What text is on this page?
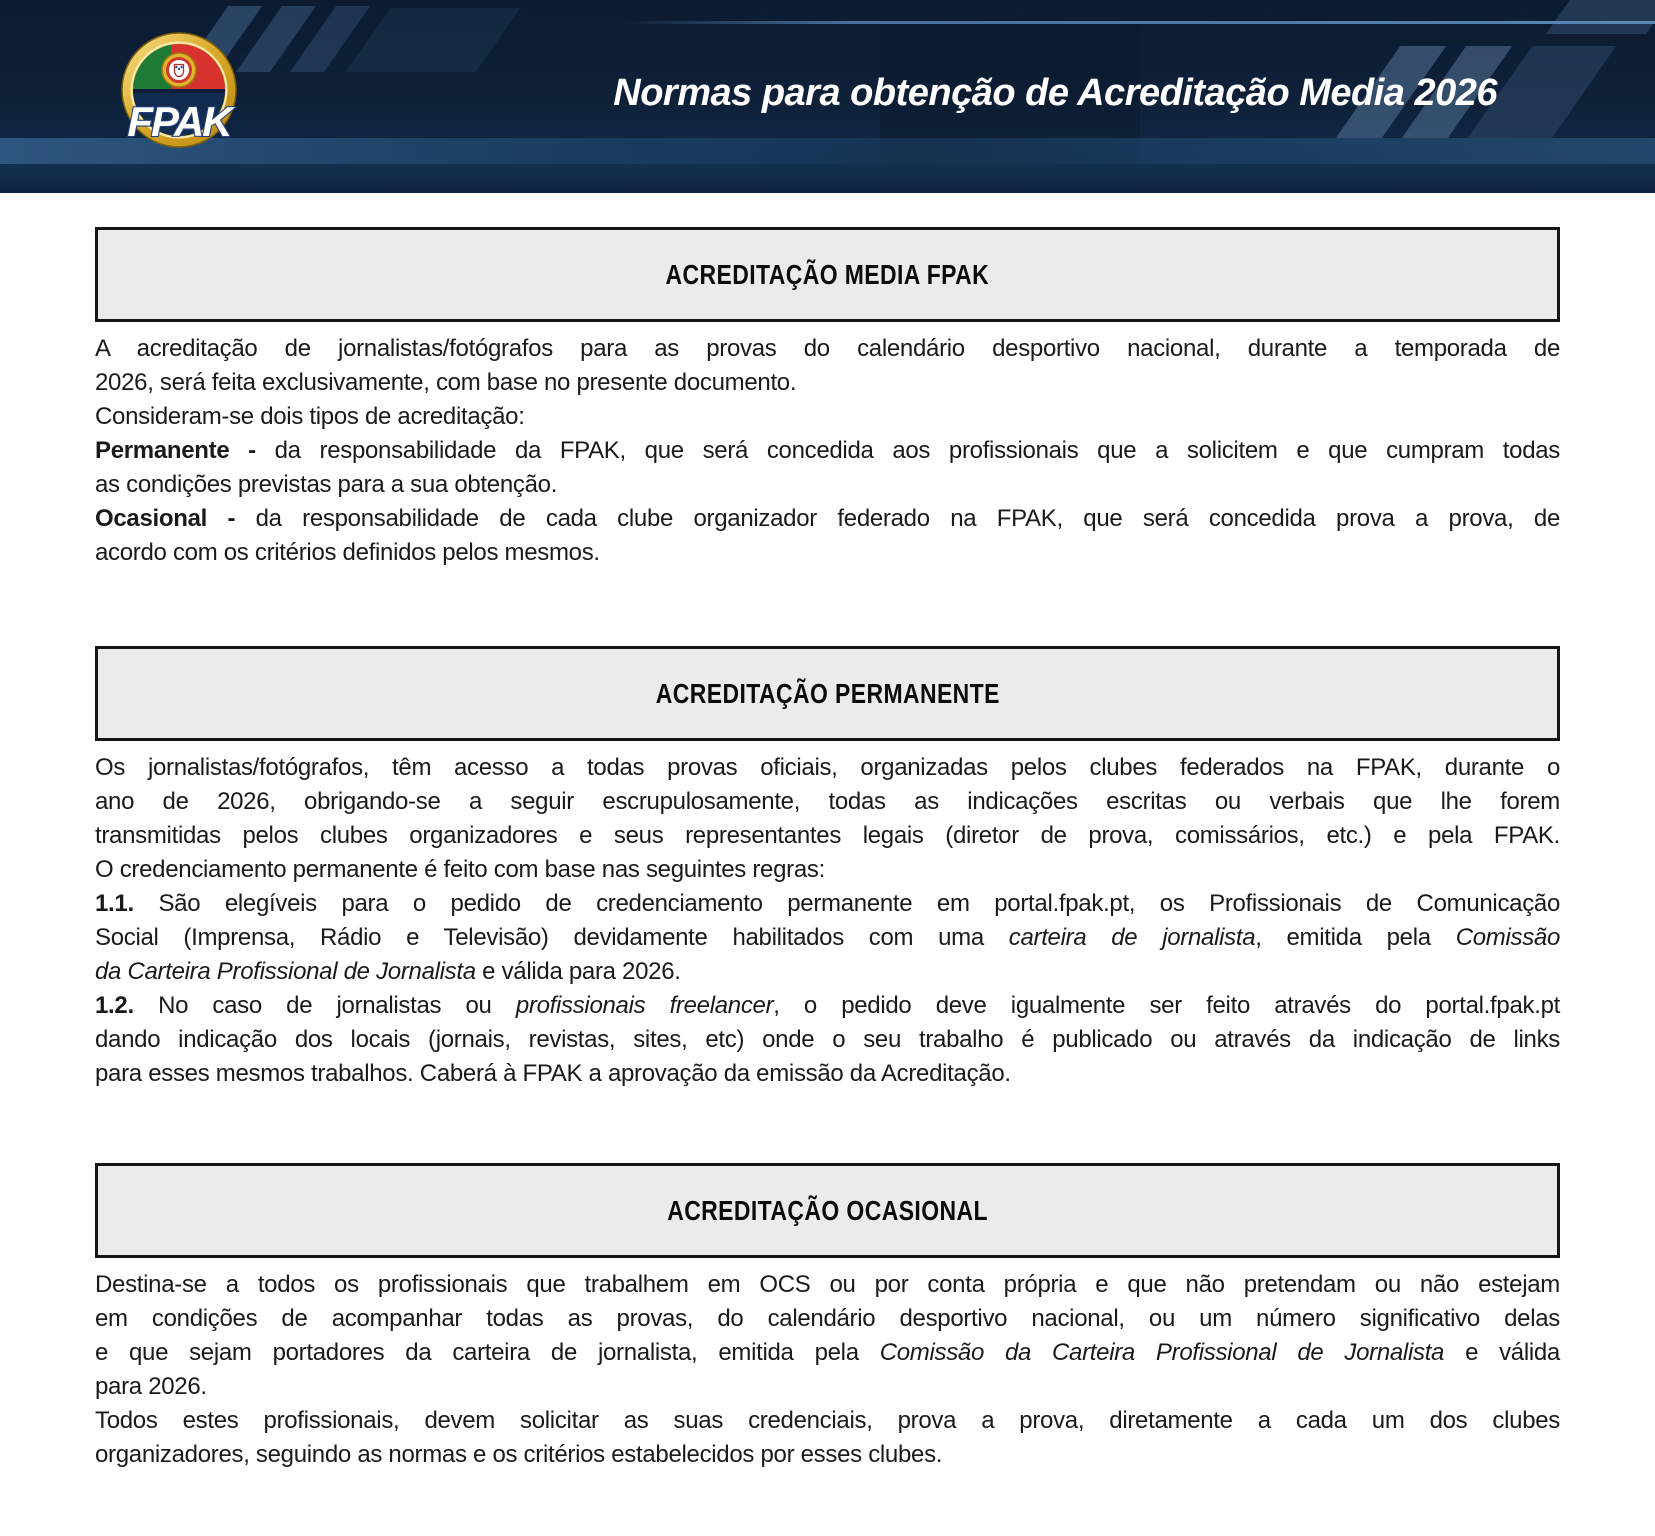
FPAK
Normas para obtenção de Acreditação Media 2026
ACREDITAÇÃO MEDIA FPAK
A acreditação de jornalistas/fotógrafos para as provas do calendário desportivo nacional, durante a temporada de
2026, será feita exclusivamente, com base no presente documento.
Consideram-se dois tipos de acreditação:
Permanente - da responsabilidade da FPAK, que será concedida aos profissionais que a solicitem e que cumpram todas
as condições previstas para a sua obtenção.
Ocasional - da responsabilidade de cada clube organizador federado na FPAK, que será concedida prova a prova, de
acordo com os critérios definidos pelos mesmos.
ACREDITAÇÃO PERMANENTE
Os jornalistas/fotógrafos, têm acesso a todas provas oficiais, organizadas pelos clubes federados na FPAK, durante o
ano de 2026, obrigando-se a seguir escrupulosamente, todas as indicações escritas ou verbais que lhe forem
transmitidas pelos clubes organizadores e seus representantes legais (diretor de prova, comissários, etc.) e pela FPAK.
O credenciamento permanente é feito com base nas seguintes regras:
1.1. São elegíveis para o pedido de credenciamento permanente em portal.fpak.pt, os Profissionais de Comunicação
Social (Imprensa, Rádio e Televisão) devidamente habilitados com uma carteira de jornalista, emitida pela Comissão
da Carteira Profissional de Jornalista e válida para 2026.
1.2. No caso de jornalistas ou profissionais freelancer, o pedido deve igualmente ser feito através do portal.fpak.pt
dando indicação dos locais (jornais, revistas, sites, etc) onde o seu trabalho é publicado ou através da indicação de links
para esses mesmos trabalhos. Caberá à FPAK a aprovação da emissão da Acreditação.
ACREDITAÇÃO OCASIONAL
Destina-se a todos os profissionais que trabalhem em OCS ou por conta própria e que não pretendam ou não estejam
em condições de acompanhar todas as provas, do calendário desportivo nacional, ou um número significativo delas
e que sejam portadores da carteira de jornalista, emitida pela Comissão da Carteira Profissional de Jornalista e válida
para 2026.
Todos estes profissionais, devem solicitar as suas credenciais, prova a prova, diretamente a cada um dos clubes
organizadores, seguindo as normas e os critérios estabelecidos por esses clubes.
